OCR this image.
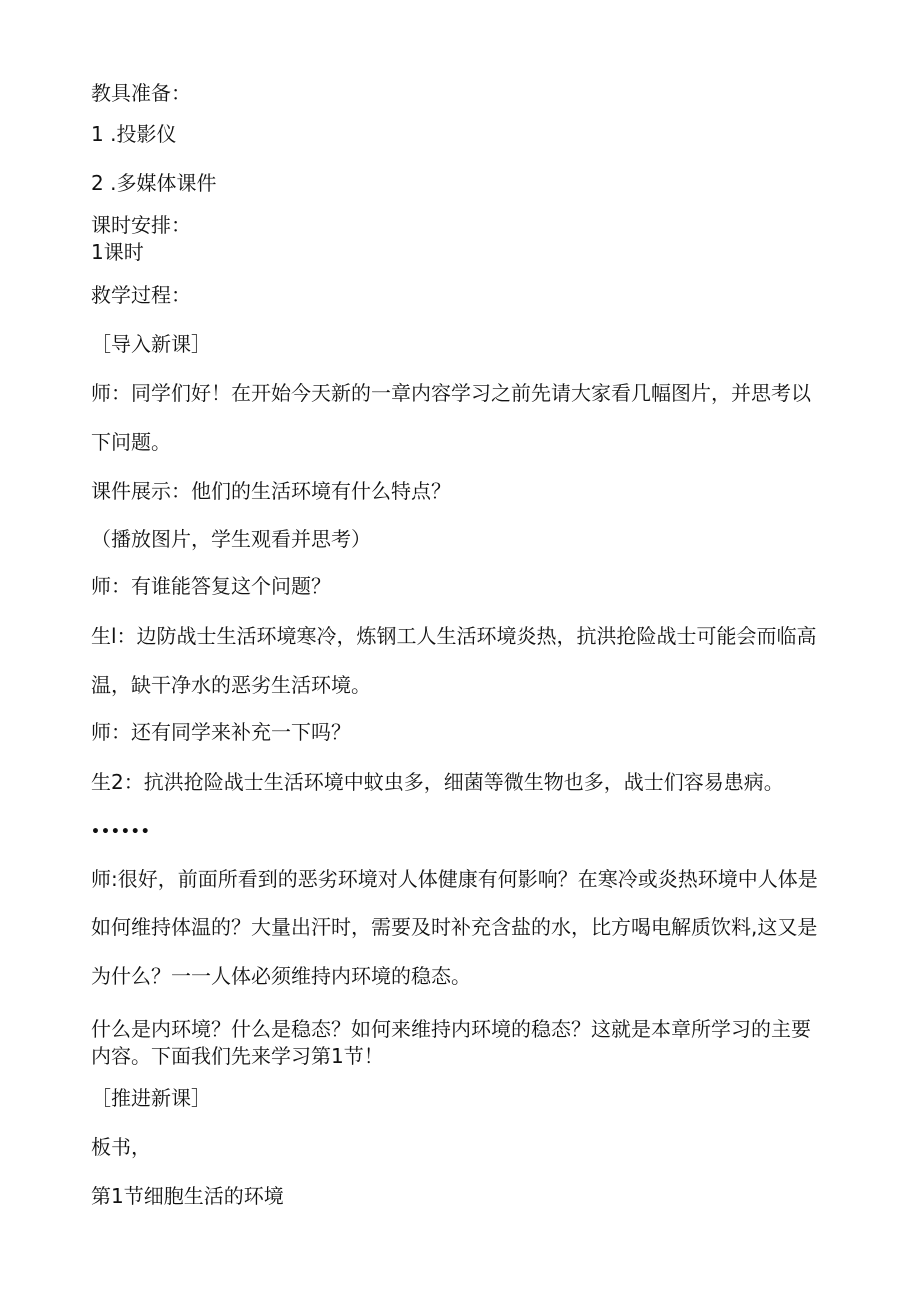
教具准备：
1 .投影仪
2 .多媒体课件
课时安排：
1课时
救学过程：
［导入新课］
师：同学们好！在开始今天新的一章内容学习之前先请大家看几幅图片，并思考以
下问题。
课件展示：他们的生活环境有什么特点？
（播放图片，学生观看并思考）
师：有谁能答复这个问题？
生l：边防战士生活环境寒冷，炼钢工人生活环境炎热，抗洪抢险战士可能会而临高
温，缺干净水的恶劣生活环境。
师：还有同学来补充一下吗？
生2：抗洪抢险战士生活环境中蚊虫多，细菌等微生物也多，战士们容易患病。
••••••
师:很好，前面所看到的恶劣环境对人体健康有何影响？在寒冷或炎热环境中人体是
如何维持体温的？大量出汗时，需要及时补充含盐的水，比方喝电解质饮料,这又是
为什么？一一人体必须维持内环境的稳态。
什么是内环境？什么是稳态？如何来维持内环境的稳态？这就是本章所学习的主要
内容。下面我们先来学习第1节！
［推进新课］
板书，
第1节细胞生活的环境
